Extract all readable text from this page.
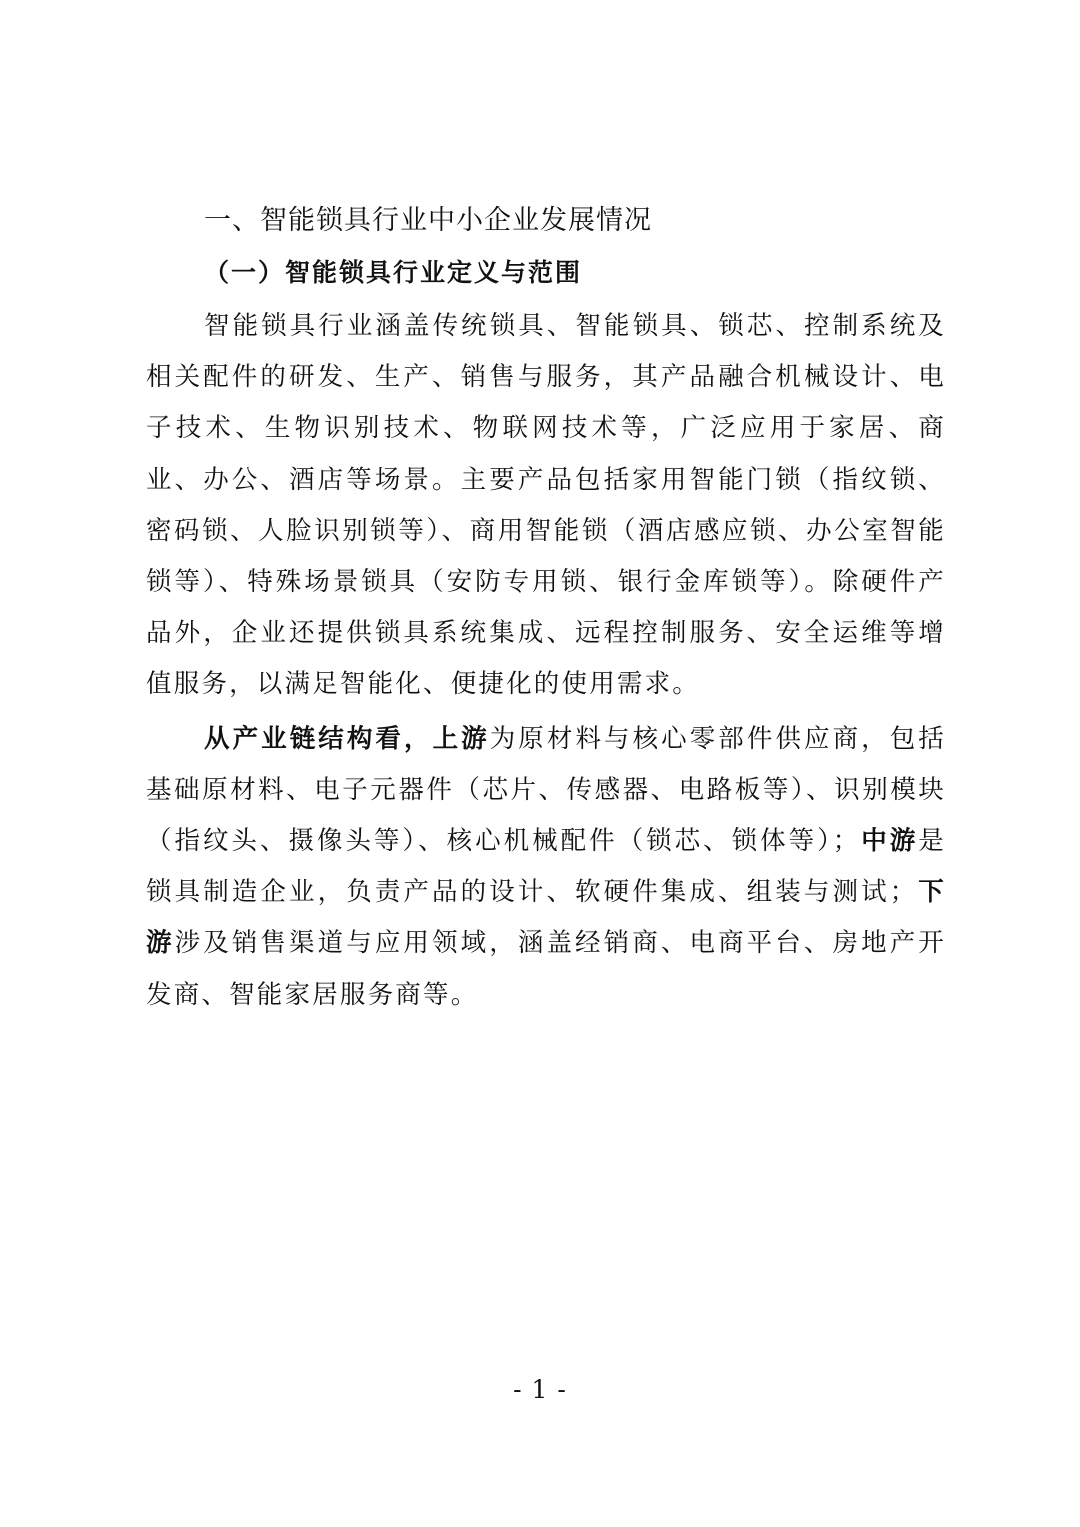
一、智能锁具行业中小企业发展情况
（一）智能锁具行业定义与范围

智能锁具行业涵盖传统锁具、智能锁具、锁芯、控制系统及相关配件的研发、生产、销售与服务，其产品融合机械设计、电子技术、生物识别技术、物联网技术等，广泛应用于家居、商业、办公、酒店等场景。主要产品包括家用智能门锁（指纹锁、密码锁、人脸识别锁等）、商用智能锁（酒店感应锁、办公室智能锁等）、特殊场景锁具（安防专用锁、银行金库锁等）。除硬件产品外，企业还提供锁具系统集成、远程控制服务、安全运维等增值服务，以满足智能化、便捷化的使用需求。

从产业链结构看，上游为原材料与核心零部件供应商，包括基础原材料、电子元器件（芯片、传感器、电路板等）、识别模块（指纹头、摄像头等）、核心机械配件（锁芯、锁体等）；中游是锁具制造企业，负责产品的设计、软硬件集成、组装与测试；下游涉及销售渠道与应用领域，涵盖经销商、电商平台、房地产开发商、智能家居服务商等。

- 1 -
